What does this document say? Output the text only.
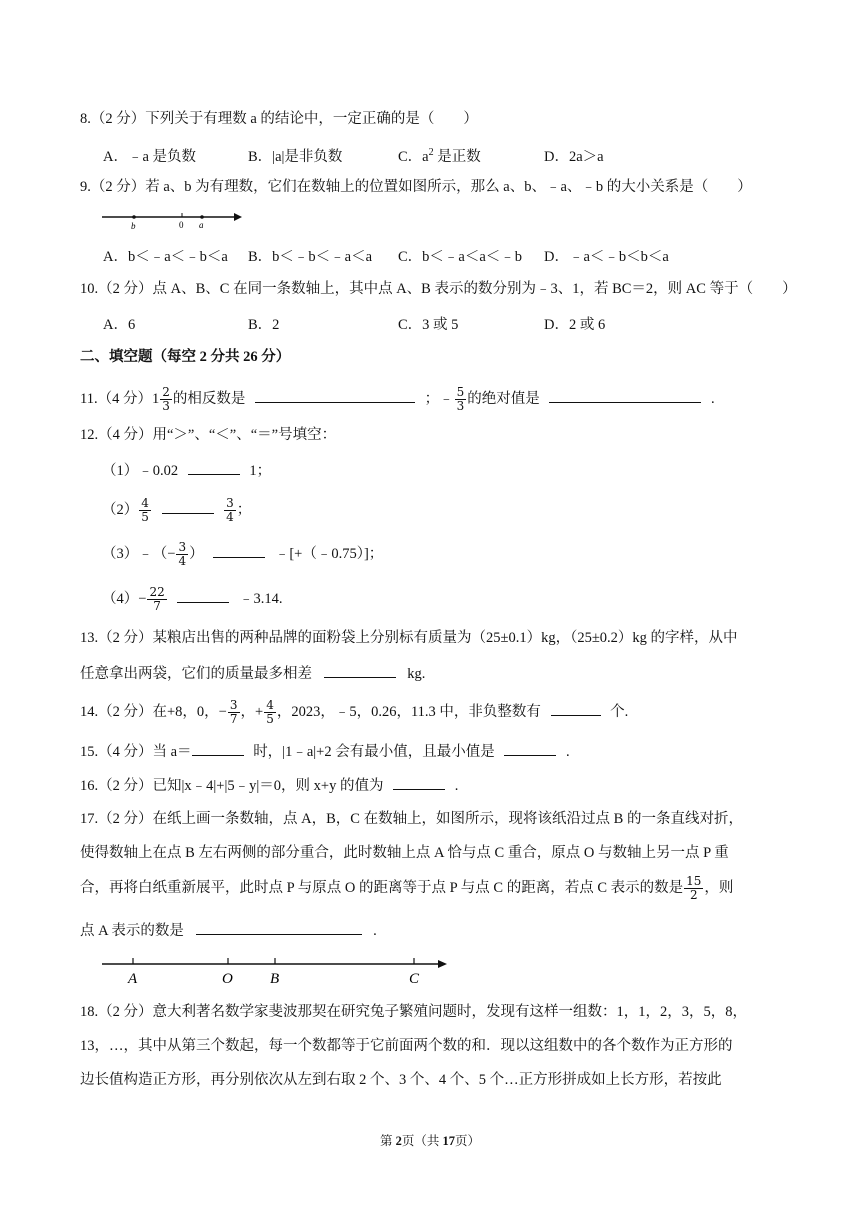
8.（2 分）下列关于有理数 a 的结论中，一定正确的是（　　）
A．﹣a 是负数	B．|a|是非负数	C．$a^2$ 是正数	D．2a＞a
9.（2 分）若 a、b 为有理数，它们在数轴上的位置如图所示，那么 a、b、﹣a、﹣b 的大小关系是（　　）
b	0 a
A．b＜﹣a＜﹣b＜a B．b＜﹣b＜﹣a＜a C．b＜﹣a＜a＜﹣b D．﹣a＜﹣b＜b＜a
10.（2 分）点 A、B、C 在同一条数轴上，其中点 A、B 表示的数分别为﹣3、1，若 BC＝2，则 AC 等于（　　）
A．6	B．2	C．3 或 5	D．2 或 6
二、填空题（每空 2 分共 26 分）
11.（4 分）$1 \frac{2}{3}$ 的相反数是	；﹣ $\frac{5}{3}$ 的绝对值是	.
12.（4 分）用“＞”、“＜”、“＝”号填空：
（1）﹣0.02	1；
$(2) \frac{4}{5}$
	$\frac{3}{4}$ ；
（3）﹣（− $\frac{3}{4}$ ）	﹣[+（﹣0.75）]；
$(4)- \frac{22}{7}$	﹣3.14.
13.（2 分）某粮店出售的两种品牌的面粉袋上分别标有质量为（25±0.1）kg，（25±0.2）kg 的字样，从中
任意拿出两袋，它们的质量最多相差	kg.
14.（2 分）在+8，0，− $\frac{3}{7}$ ，+ $\frac{4}{5}$ ，2023，﹣5，0.26，11.3 中，非负整数有	个.
15.（4 分）当 a＝	时，|1﹣a|+2 会有最小值，且最小值是	.
16.（2 分）已知|x﹣4|+|5﹣y|＝0，则 x+y 的值为	.
17.（2 分）在纸上画一条数轴，点 A，B，C 在数轴上，如图所示，现将该纸沿过点 B 的一条直线对折，
使得数轴上在点 B 左右两侧的部分重合，此时数轴上点 A 恰与点 C 重合，原点 O 与数轴上另一点 P 重
合，再将白纸重新展平，此时点 P 与原点 O 的距离等于点 P 与点 C 的距离，若点 C 表示的数是 $\frac{15}{2}$ ，则
点 A 表示的数是	.
A	O B	C
18.（2 分）意大利著名数学家斐波那契在研究兔子繁殖问题时，发现有这样一组数：1，1，2，3，5，8，
13，…，其中从第三个数起，每一个数都等于它前面两个数的和．现以这组数中的各个数作为正方形的
边长值构造正方形，再分别依次从左到右取 2 个、3 个、4 个、5 个…正方形拼成如上长方形，若按此
第 2页（共 17页）
